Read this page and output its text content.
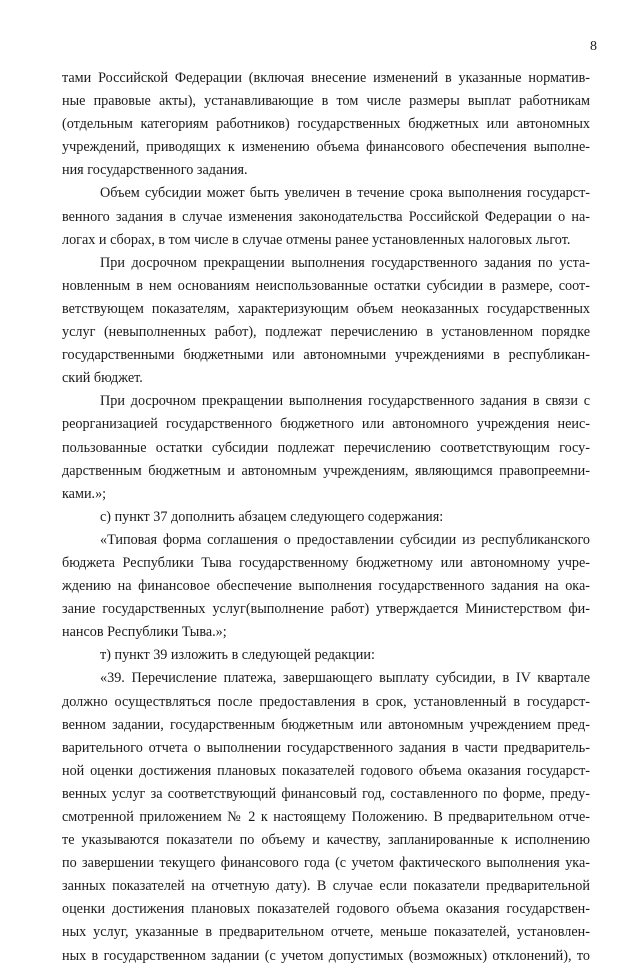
8
тами Российской Федерации (включая внесение изменений в указанные норматив-
ные правовые акты), устанавливающие в том числе размеры выплат работникам
(отдельным категориям работников) государственных бюджетных или автономных
учреждений, приводящих к изменению объема финансового обеспечения выполне-
ния государственного задания.
Объем субсидии может быть увеличен в течение срока выполнения государст-
венного задания в случае изменения законодательства Российской Федерации о на-
логах и сборах, в том числе в случае отмены ранее установленных налоговых льгот.
При досрочном прекращении выполнения государственного задания по уста-
новленным в нем основаниям неиспользованные остатки субсидии в размере, соот-
ветствующем показателям, характеризующим объем неоказанных государственных
услуг (невыполненных работ), подлежат перечислению в установленном порядке
государственными бюджетными или автономными учреждениями в республикан-
ский бюджет.
При досрочном прекращении выполнения государственного задания в связи с
реорганизацией государственного бюджетного или автономного учреждения неис-
пользованные остатки субсидии подлежат перечислению соответствующим госу-
дарственным бюджетным и автономным учреждениям, являющимся правопреемни-
ками.»;
с) пункт 37 дополнить абзацем следующего содержания:
«Типовая форма соглашения о предоставлении субсидии из республиканского
бюджета Республики Тыва государственному бюджетному или автономному учре-
ждению на финансовое обеспечение выполнения государственного задания на ока-
зание государственных услуг(выполнение работ) утверждается Министерством фи-
нансов Республики Тыва.»;
т) пункт 39 изложить в следующей редакции:
«39. Перечисление платежа, завершающего выплату субсидии, в IV квартале
должно осуществляться после предоставления в срок, установленный в государст-
венном задании, государственным бюджетным или автономным учреждением пред-
варительного отчета о выполнении государственного задания в части предваритель-
ной оценки достижения плановых показателей годового объема оказания государст-
венных услуг за соответствующий финансовый год, составленного по форме, преду-
смотренной приложением № 2 к настоящему Положению. В предварительном отче-
те указываются показатели по объему и качеству, запланированные к исполнению
по завершении текущего финансового года (с учетом фактического выполнения ука-
занных показателей на отчетную дату). В случае если показатели предварительной
оценки достижения плановых показателей годового объема оказания государствен-
ных услуг, указанные в предварительном отчете, меньше показателей, установлен-
ных в государственном задании (с учетом допустимых (возможных) отклонений), то
